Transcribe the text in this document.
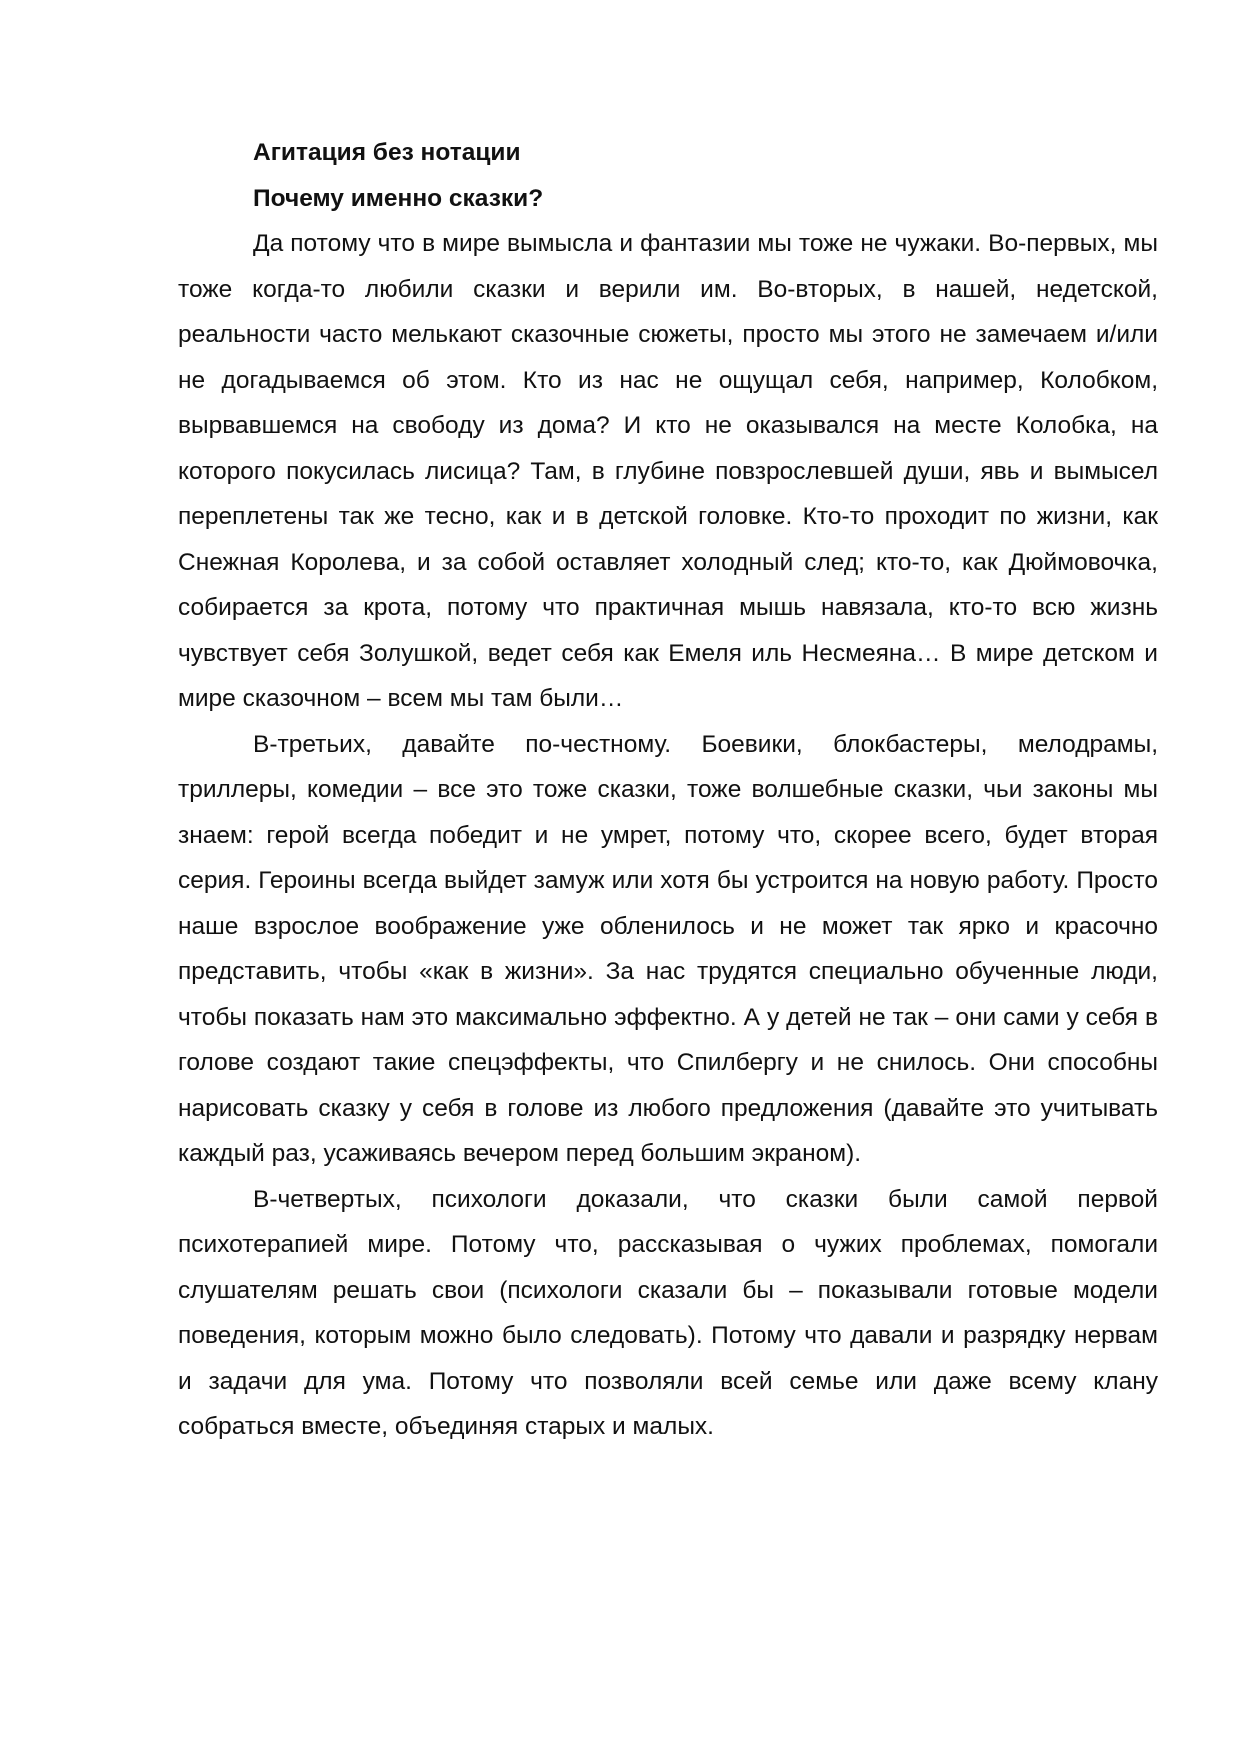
Агитация без нотации

Почему именно сказки?

Да потому что в мире вымысла и фантазии мы тоже не чужаки. Во-первых, мы тоже когда-то любили сказки и верили им. Во-вторых, в нашей, недетской, реальности часто мелькают сказочные сюжеты, просто мы этого не замечаем и/или не догадываемся об этом. Кто из нас не ощущал себя, например, Колобком, вырвавшемся на свободу из дома? И кто не оказывался на месте Колобка, на которого покусилась лисица? Там, в глубине повзрослевшей души, явь и вымысел переплетены так же тесно, как и в детской головке. Кто-то проходит по жизни, как Снежная Королева, и за собой оставляет холодный след; кто-то, как Дюймовочка, собирается за крота, потому что практичная мышь навязала, кто-то всю жизнь чувствует себя Золушкой, ведет себя как Емеля иль Несмеяна… В мире детском и мире сказочном – всем мы там были…

В-третьих, давайте по-честному. Боевики, блокбастеры, мелодрамы, триллеры, комедии – все это тоже сказки, тоже волшебные сказки, чьи законы мы знаем: герой всегда победит и не умрет, потому что, скорее всего, будет вторая серия. Героины всегда выйдет замуж или хотя бы устроится на новую работу. Просто наше взрослое воображение уже обленилось и не может так ярко и красочно представить, чтобы «как в жизни». За нас трудятся специально обученные люди, чтобы показать нам это максимально эффектно. А у детей не так – они сами у себя в голове создают такие спецэффекты, что Спилбергу и не снилось. Они способны нарисовать сказку у себя в голове из любого предложения (давайте это учитывать каждый раз, усаживаясь вечером перед большим экраном).

В-четвертых, психологи доказали, что сказки были самой первой психотерапией мире. Потому что, рассказывая о чужих проблемах, помогали слушателям решать свои (психологи сказали бы – показывали готовые модели поведения, которым можно было следовать). Потому что давали и разрядку нервам и задачи для ума. Потому что позволяли всей семье или даже всему клану собраться вместе, объединяя старых и малых.
